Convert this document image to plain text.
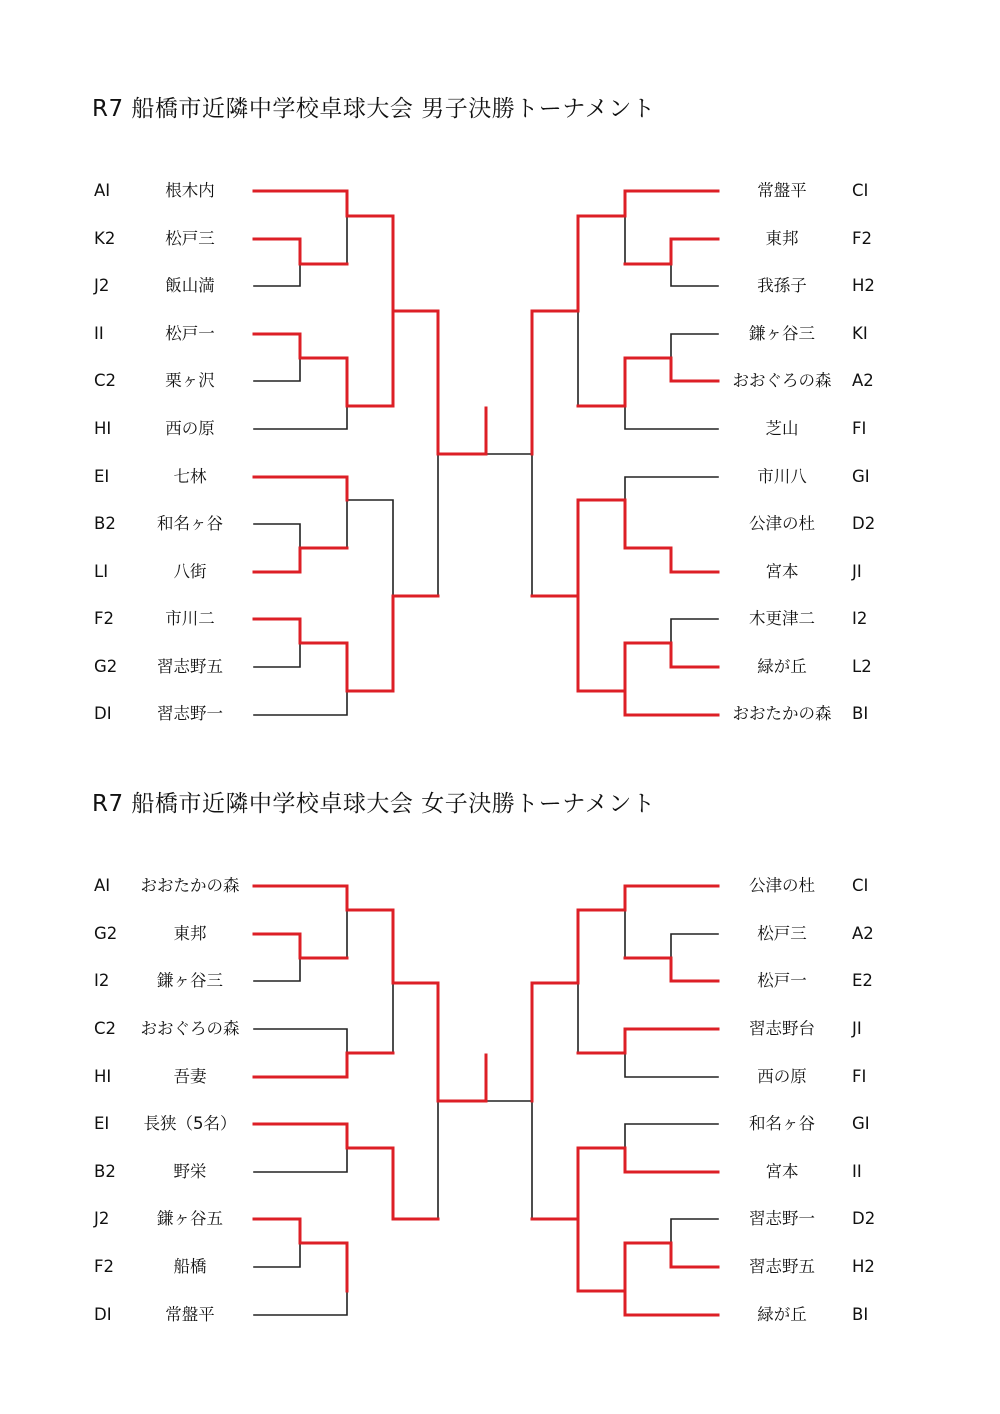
R7 船橋市近隣中学校卓球大会 男子決勝トーナメント
AⅠ	根木内
K2	松戸三
J2	飯山満
IⅠ	松戸一
C2	栗ヶ沢
HⅠ	西の原
EⅠ	七林
B2	和名ヶ谷
LⅠ	八街
F2	市川二
G2	習志野五
DⅠ	習志野一
常盤平	CⅠ
東邦	F2
我孫子	H2
鎌ヶ谷三	KⅠ
おおぐろの森	A2
芝山	FⅠ
市川八	GⅠ
公津の杜	D2
宮本	JⅠ
木更津二	I2
緑が丘	L2
おおたかの森	BⅠ
R7 船橋市近隣中学校卓球大会 女子決勝トーナメント
AⅠ	おおたかの森
G2	東邦
I2	鎌ヶ谷三
C2	おおぐろの森
HⅠ	吾妻
EⅠ	長狭（5名）
B2	野栄
J2	鎌ヶ谷五
F2	船橋
DⅠ	常盤平
公津の杜	CⅠ
松戸三	A2
松戸一	E2
習志野台	JⅠ
西の原	FⅠ
和名ヶ谷	GⅠ
宮本	IⅠ
習志野一	D2
習志野五	H2
緑が丘	BⅠ
